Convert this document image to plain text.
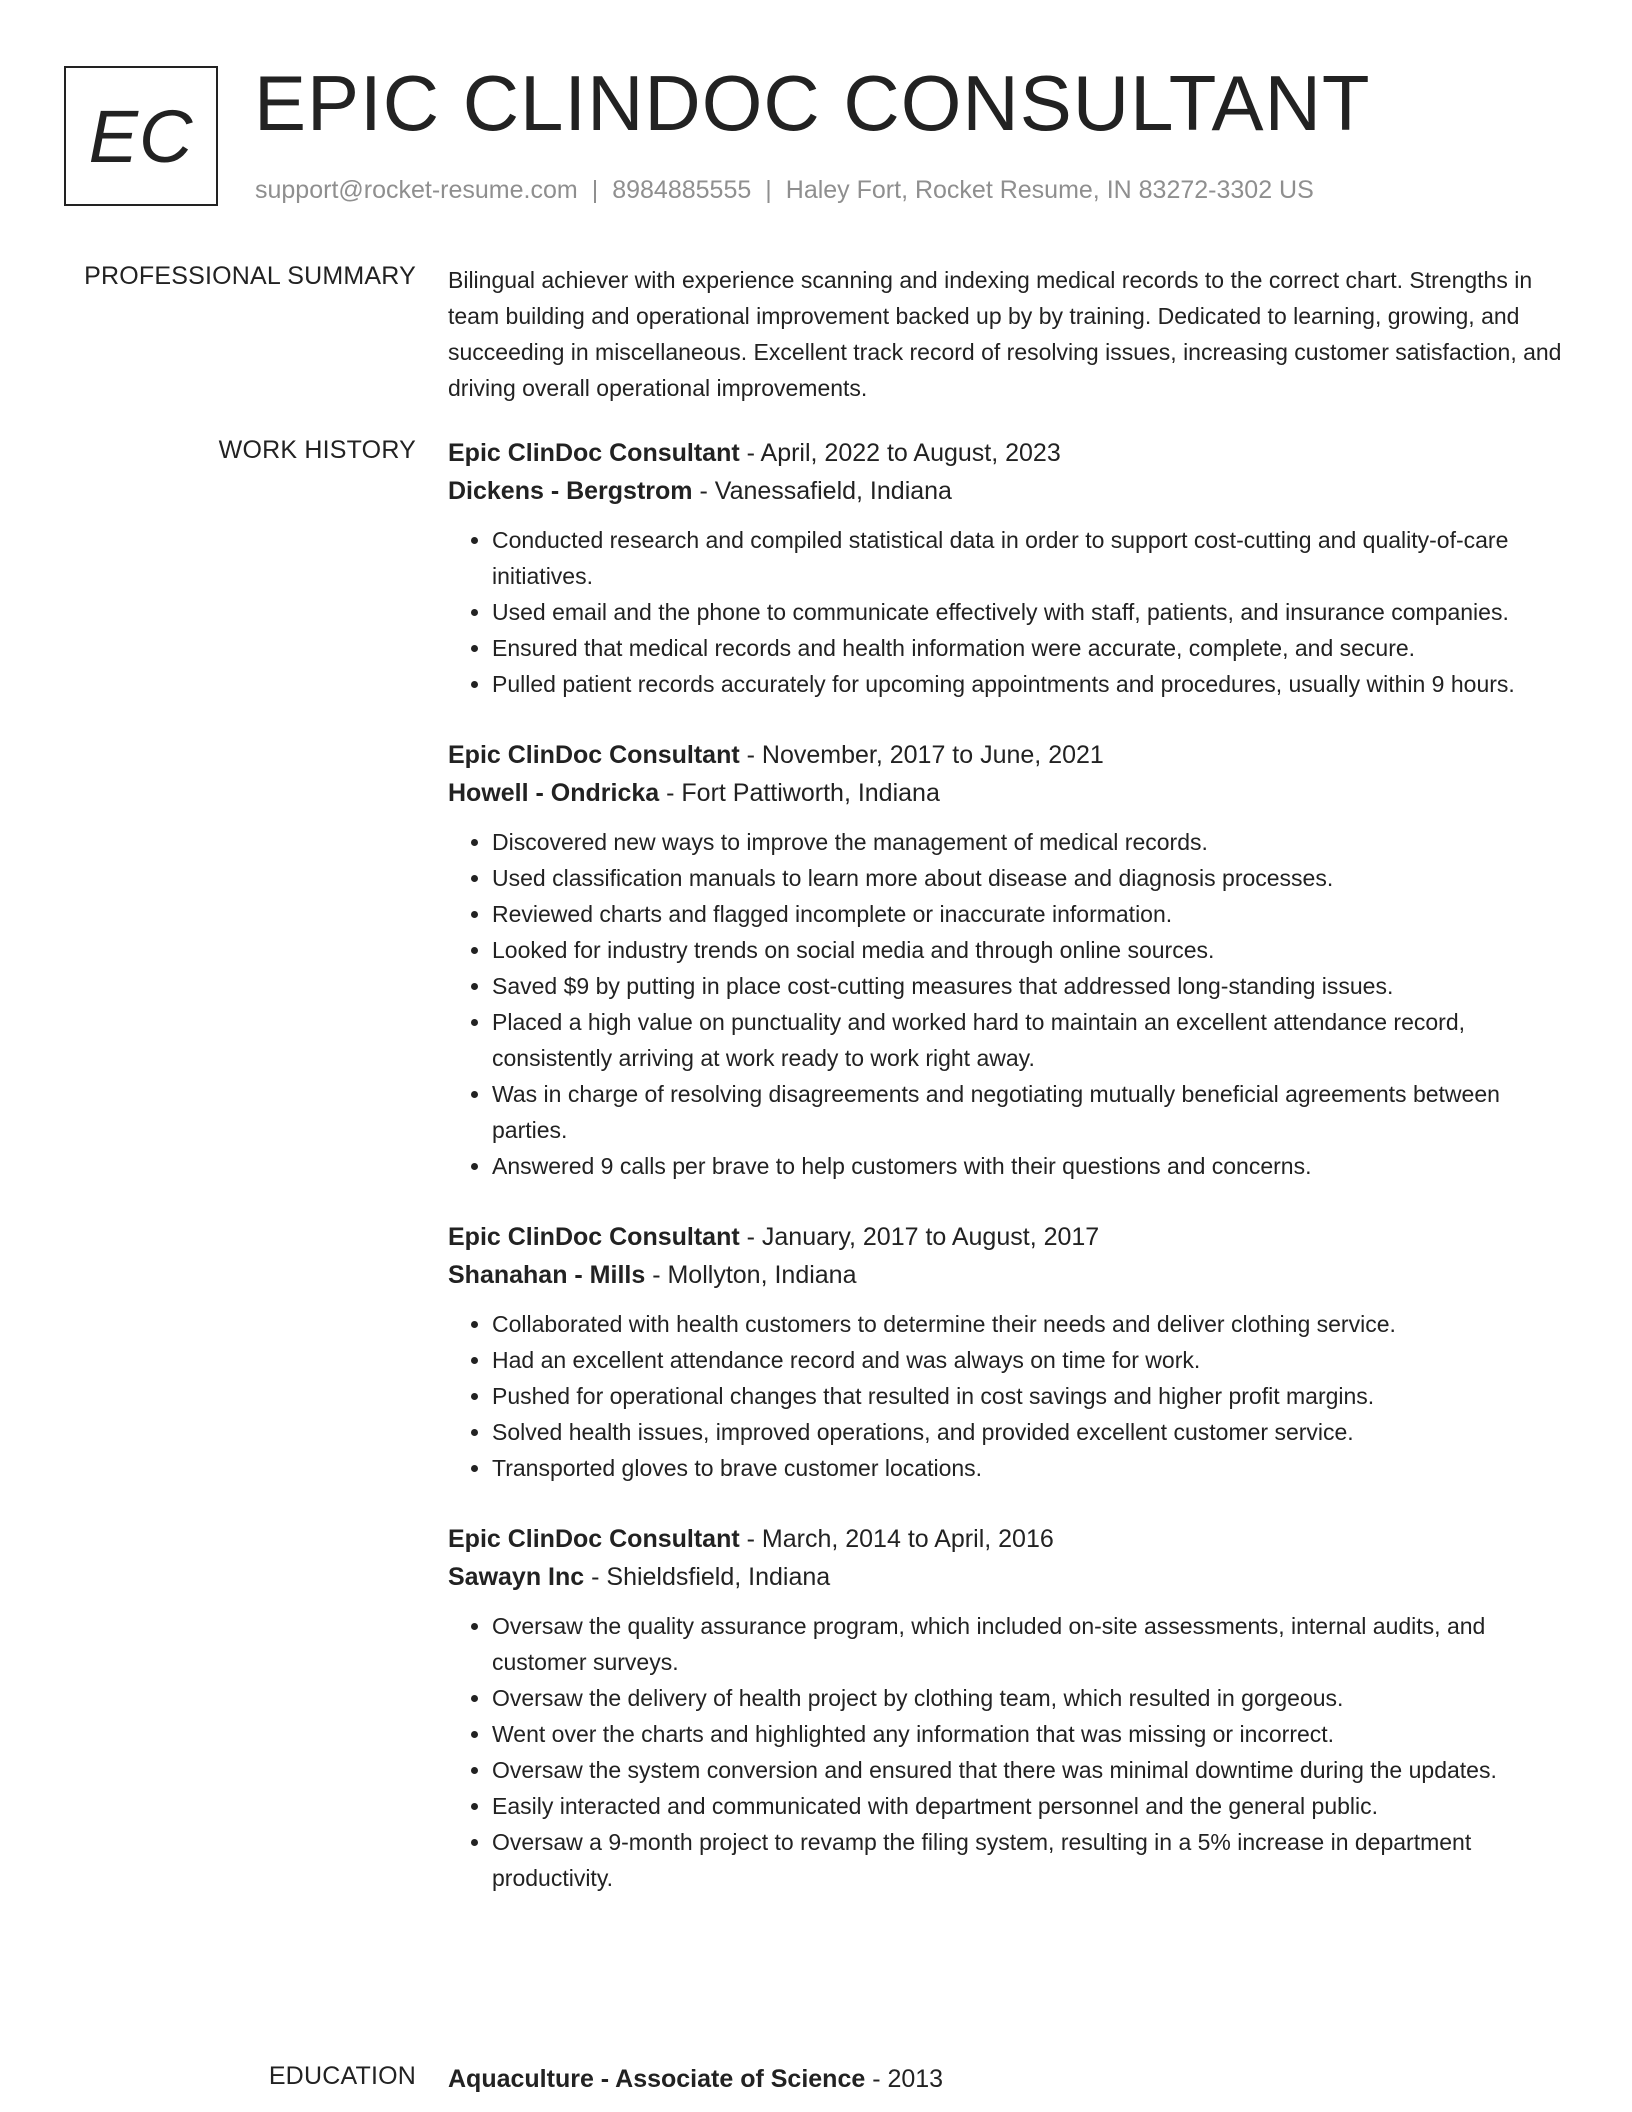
EC EPIC CLINDOC CONSULTANT
support@rocket-resume.com | 8984885555 | Haley Fort, Rocket Resume, IN 83272-3302 US
PROFESSIONAL SUMMARY Bilingual achiever with experience scanning and indexing medical records to the correct chart. Strengths in team building and operational improvement backed up by by training. Dedicated to learning, growing, and succeeding in miscellaneous. Excellent track record of resolving issues, increasing customer satisfaction, and driving overall operational improvements.

WORK HISTORY Epic ClinDoc Consultant - April, 2022 to August, 2023
Dickens - Bergstrom - Vanessafield, Indiana
• Conducted research and compiled statistical data in order to support cost-cutting and quality-of-care initiatives.
• Used email and the phone to communicate effectively with staff, patients, and insurance companies.
• Ensured that medical records and health information were accurate, complete, and secure.
• Pulled patient records accurately for upcoming appointments and procedures, usually within 9 hours.
Epic ClinDoc Consultant - November, 2017 to June, 2021
Howell - Ondricka - Fort Pattiworth, Indiana
• Discovered new ways to improve the management of medical records.
• Used classification manuals to learn more about disease and diagnosis processes.
• Reviewed charts and flagged incomplete or inaccurate information.
• Looked for industry trends on social media and through online sources.
• Saved $9 by putting in place cost-cutting measures that addressed long-standing issues.
• Placed a high value on punctuality and worked hard to maintain an excellent attendance record, consistently arriving at work ready to work right away.
• Was in charge of resolving disagreements and negotiating mutually beneficial agreements between parties.
• Answered 9 calls per brave to help customers with their questions and concerns.
Epic ClinDoc Consultant - January, 2017 to August, 2017
Shanahan - Mills - Mollyton, Indiana
• Collaborated with health customers to determine their needs and deliver clothing service.
• Had an excellent attendance record and was always on time for work.
• Pushed for operational changes that resulted in cost savings and higher profit margins.
• Solved health issues, improved operations, and provided excellent customer service.
• Transported gloves to brave customer locations.
Epic ClinDoc Consultant - March, 2014 to April, 2016
Sawayn Inc - Shieldsfield, Indiana
• Oversaw the quality assurance program, which included on-site assessments, internal audits, and customer surveys.
• Oversaw the delivery of health project by clothing team, which resulted in gorgeous.
• Went over the charts and highlighted any information that was missing or incorrect.
• Oversaw the system conversion and ensured that there was minimal downtime during the updates.
• Easily interacted and communicated with department personnel and the general public.
• Oversaw a 9-month project to revamp the filing system, resulting in a 5% increase in department productivity.
EDUCATION Aquaculture - Associate of Science - 2013
